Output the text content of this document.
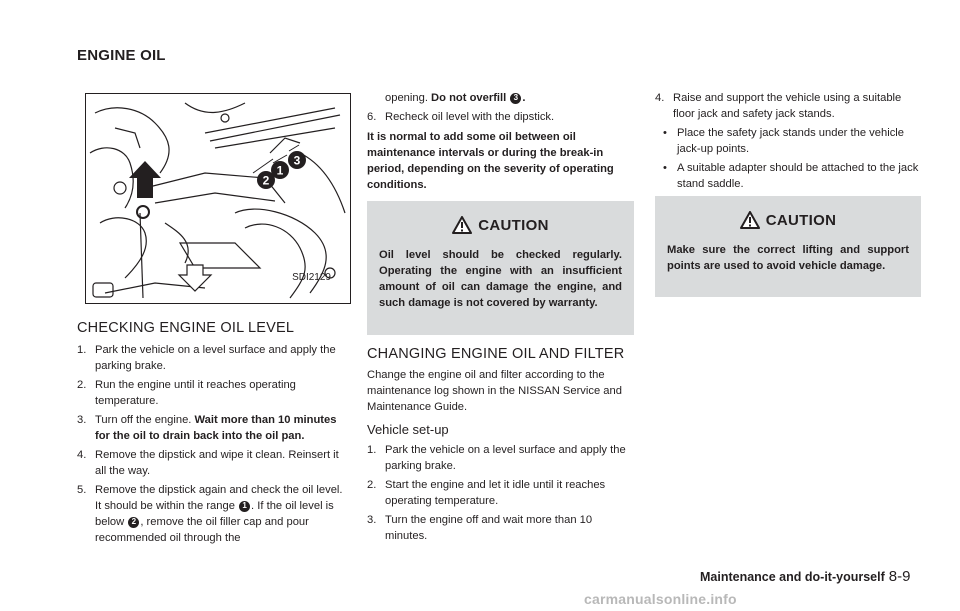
ENGINE OIL
2
1
3
SDI2129
CHECKING ENGINE OIL LEVEL
1. Park the vehicle on a level surface and apply the parking brake.
2. Run the engine until it reaches operating temperature.
3. Turn off the engine. Wait more than 10 minutes for the oil to drain back into the oil pan.
4. Remove the dipstick and wipe it clean. Reinsert it all the way.
5. Remove the dipstick again and check the oil level. It should be within the range 1 . If the oil level is below 2 , remove the oil filler cap and pour recommended oil through the
opening. Do not overfill 3 .
6. Recheck oil level with the dipstick.
It is normal to add some oil between oil maintenance intervals or during the break-in period, depending on the severity of operating conditions.
CAUTION
Oil level should be checked regularly. Operating the engine with an insufficient amount of oil can damage the engine, and such damage is not covered by warranty.
CHANGING ENGINE OIL AND FILTER
Change the engine oil and filter according to the maintenance log shown in the NISSAN Service and Maintenance Guide.
Vehicle set-up
1. Park the vehicle on a level surface and apply the parking brake.
2. Start the engine and let it idle until it reaches operating temperature.
3. Turn the engine off and wait more than 10 minutes.
4. Raise and support the vehicle using a suitable floor jack and safety jack stands.
• Place the safety jack stands under the vehicle jack-up points.
• A suitable adapter should be attached to the jack stand saddle.
CAUTION
Make sure the correct lifting and support points are used to avoid vehicle damage.
Maintenance and do-it-yourself 8-9
carmanualsonline.info
